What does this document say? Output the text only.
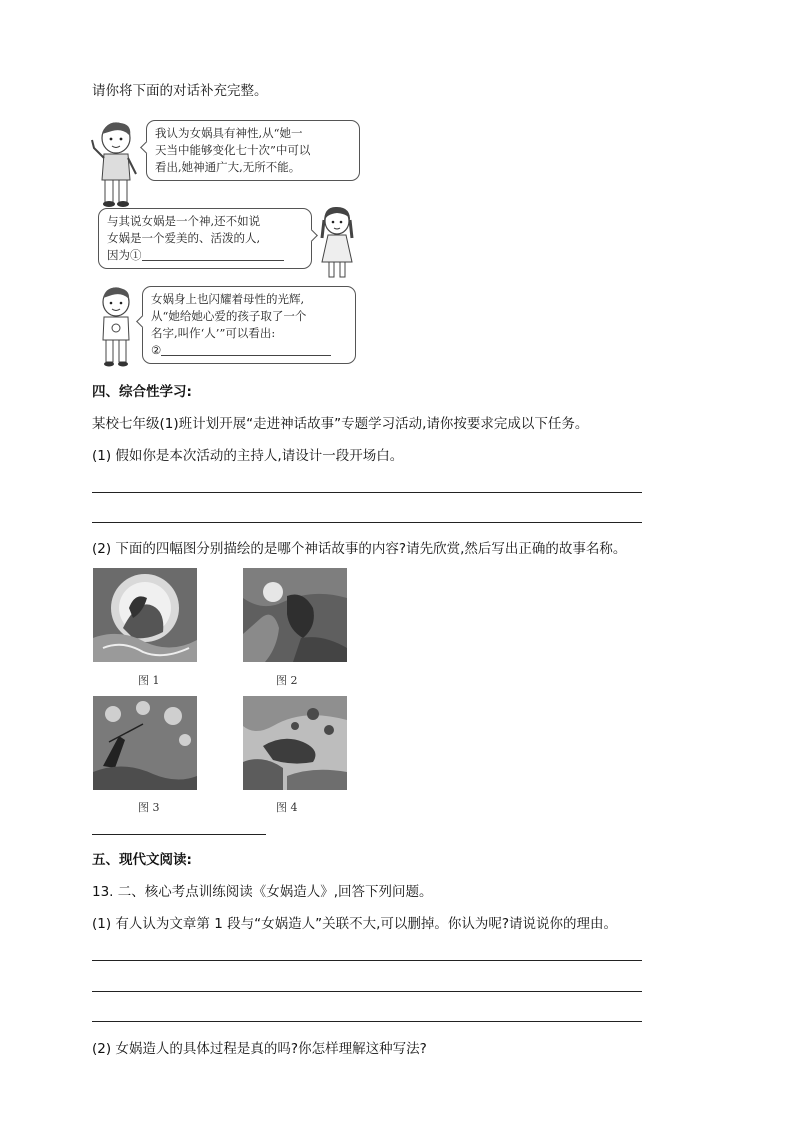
请你将下面的对话补充完整。
我认为女娲具有神性,从“她一
天当中能够变化七十次”中可以
看出,她神通广大,无所不能。
与其说女娲是一个神,还不如说
女娲是一个爱美的、活泼的人,
因为①
女娲身上也闪耀着母性的光辉,
从“她给她心爱的孩子取了一个
名字,叫作‘人’”可以看出:
②
四、综合性学习:
某校七年级(1)班计划开展“走进神话故事”专题学习活动,请你按要求完成以下任务。
(1) 假如你是本次活动的主持人,请设计一段开场白。
(2) 下面的四幅图分别描绘的是哪个神话故事的内容?请先欣赏,然后写出正确的故事名称。
图 1	图 2
图 3	图 4
五、现代文阅读:
13. 二、核心考点训练阅读《女娲造人》,回答下列问题。
(1) 有人认为文章第 1 段与“女娲造人”关联不大,可以删掉。你认为呢?请说说你的理由。
(2) 女娲造人的具体过程是真的吗?你怎样理解这种写法?
